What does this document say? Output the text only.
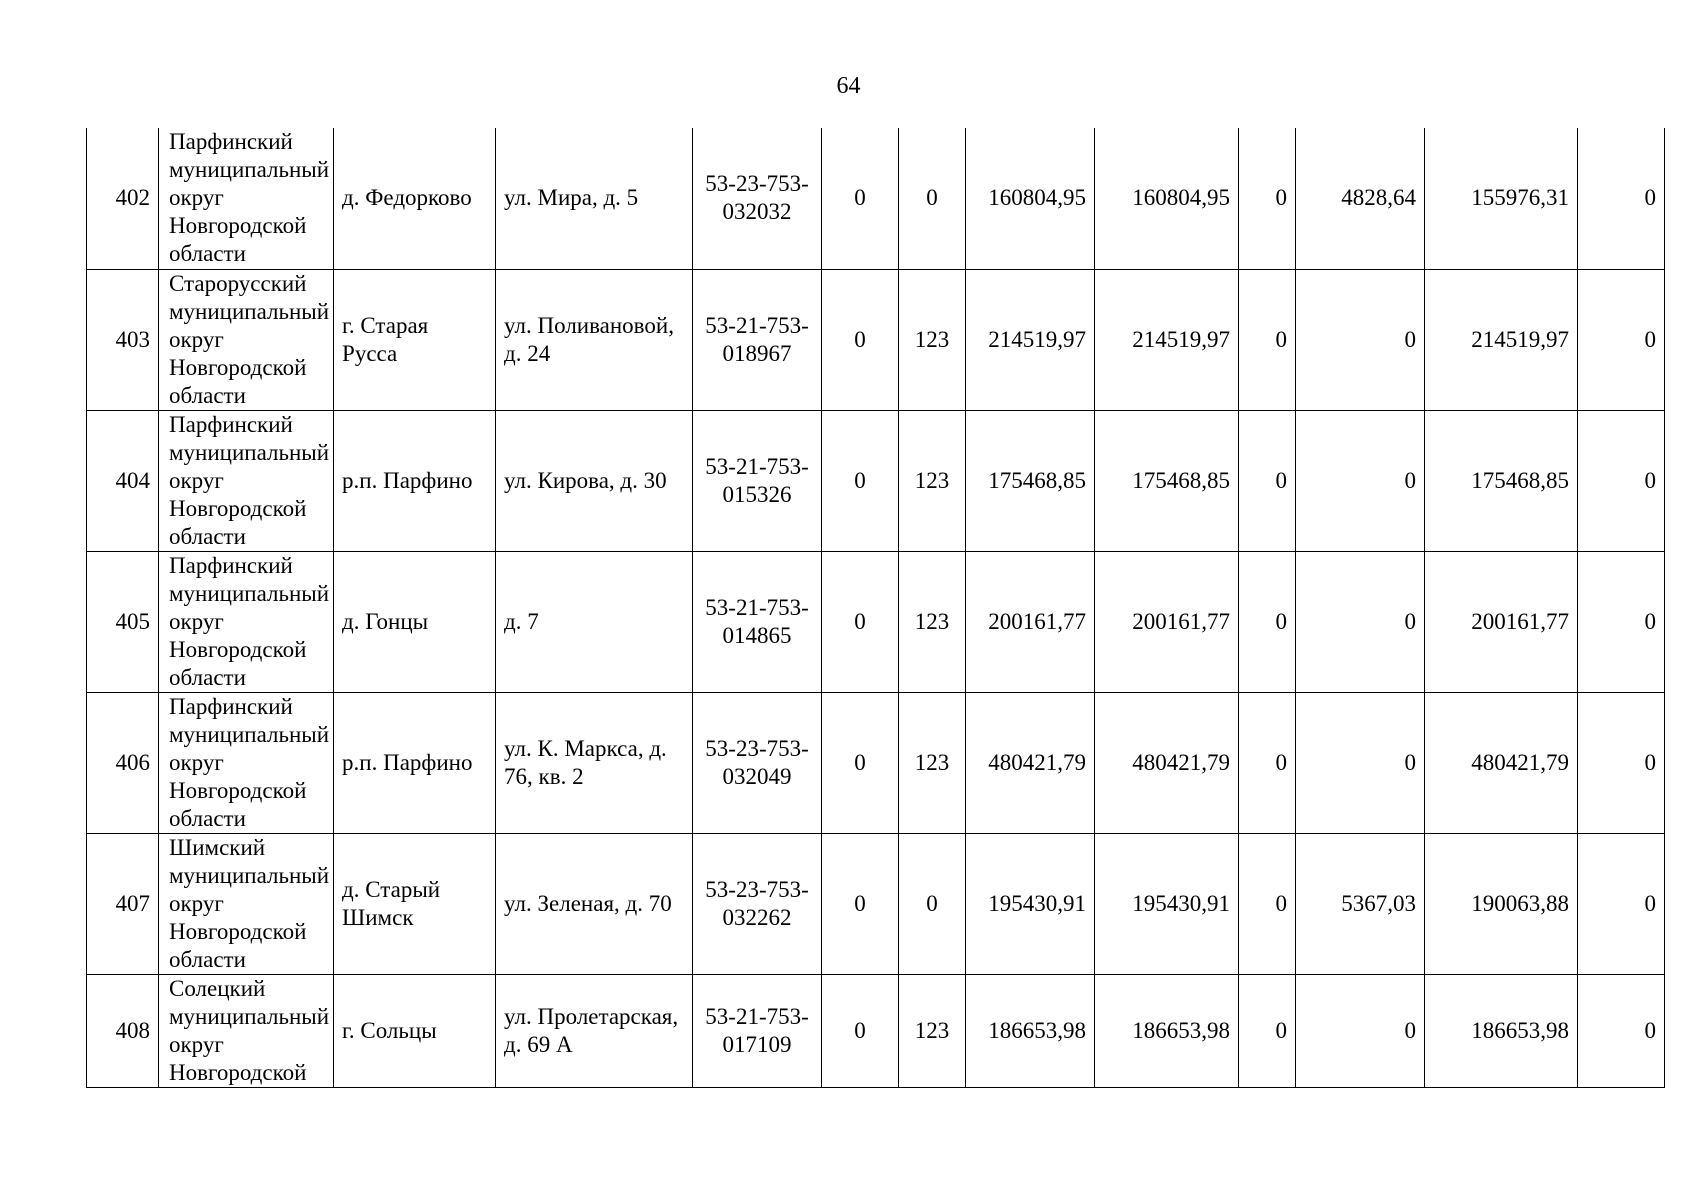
64
402	Парфинский муниципальный округ Новгородской области	д. Федорково	ул. Мира, д. 5	53-23-753-032032	0	0	160804,95	160804,95	0	4828,64	155976,31	0
403	Старорусский муниципальный округ Новгородской области	г. Старая Русса	ул. Поливановой, д. 24	53-21-753-018967	0	123	214519,97	214519,97	0	0	214519,97	0
404	Парфинский муниципальный округ Новгородской области	р.п. Парфино	ул. Кирова, д. 30	53-21-753-015326	0	123	175468,85	175468,85	0	0	175468,85	0
405	Парфинский муниципальный округ Новгородской области	д. Гонцы	д. 7	53-21-753-014865	0	123	200161,77	200161,77	0	0	200161,77	0
406	Парфинский муниципальный округ Новгородской области	р.п. Парфино	ул. К. Маркса, д. 76, кв. 2	53-23-753-032049	0	123	480421,79	480421,79	0	0	480421,79	0
407	Шимский муниципальный округ Новгородской области	д. Старый Шимск	ул. Зеленая, д. 70	53-23-753-032262	0	0	195430,91	195430,91	0	5367,03	190063,88	0
408	Солецкий муниципальный округ Новгородской	г. Сольцы	ул. Пролетарская, д. 69 А	53-21-753-017109	0	123	186653,98	186653,98	0	0	186653,98	0
